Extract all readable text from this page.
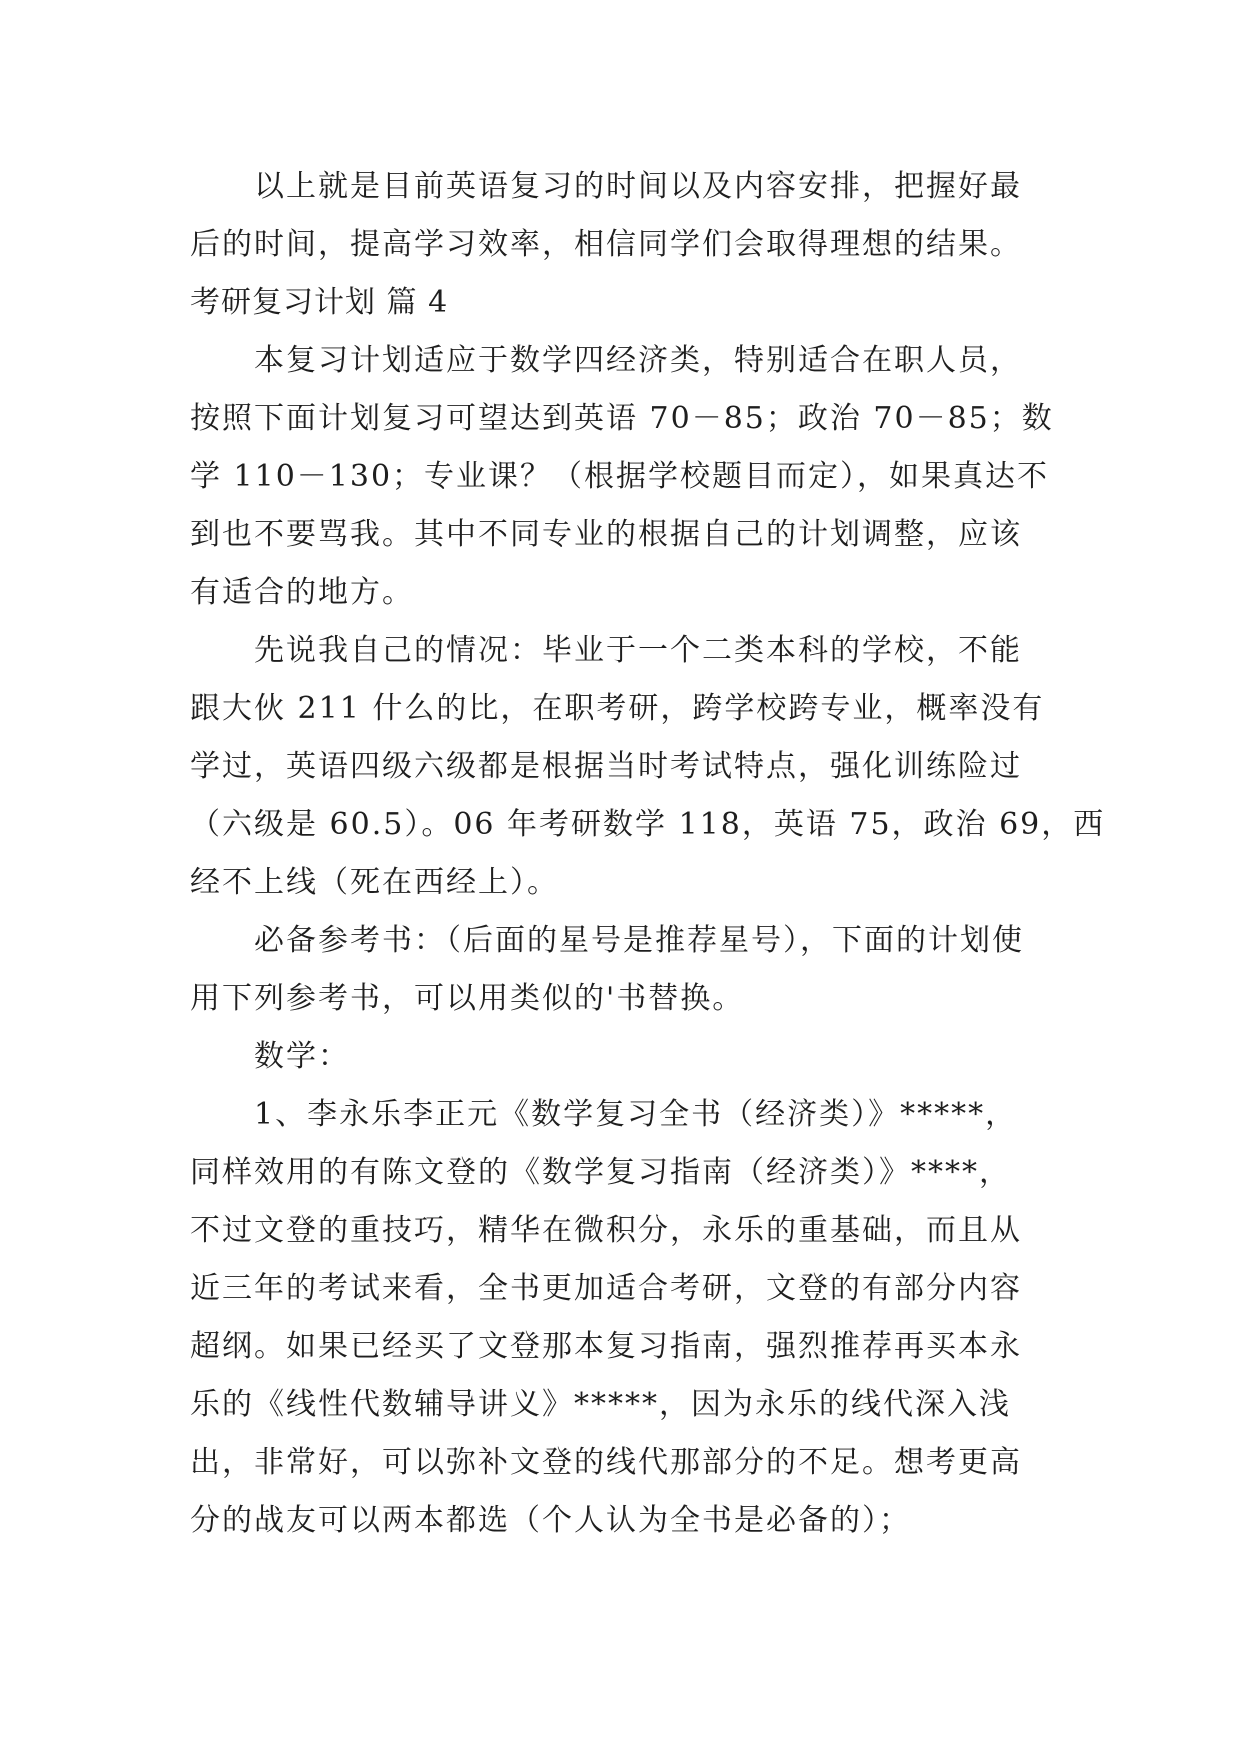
　　以上就是目前英语复习的时间以及内容安排，把握好最

后的时间，提高学习效率，相信同学们会取得理想的结果。

考研复习计划 篇 4

　　本复习计划适应于数学四经济类，特别适合在职人员，

按照下面计划复习可望达到英语 70－85；政治 70－85；数

学 110－130；专业课？（根据学校题目而定），如果真达不

到也不要骂我。其中不同专业的根据自己的计划调整，应该

有适合的地方。

　　先说我自己的情况：毕业于一个二类本科的学校，不能

跟大伙 211 什么的比，在职考研，跨学校跨专业，概率没有

学过，英语四级六级都是根据当时考试特点，强化训练险过

（六级是 60.5）。06 年考研数学 118，英语 75，政治 69，西

经不上线（死在西经上）。

　　必备参考书：（后面的星号是推荐星号），下面的计划使

用下列参考书，可以用类似的'书替换。

　　数学：

　　1、李永乐李正元《数学复习全书（经济类）》*****，

同样效用的有陈文登的《数学复习指南（经济类）》****，

不过文登的重技巧，精华在微积分，永乐的重基础，而且从

近三年的考试来看，全书更加适合考研，文登的有部分内容

超纲。如果已经买了文登那本复习指南，强烈推荐再买本永

乐的《线性代数辅导讲义》*****，因为永乐的线代深入浅

出，非常好，可以弥补文登的线代那部分的不足。想考更高

分的战友可以两本都选（个人认为全书是必备的）；
